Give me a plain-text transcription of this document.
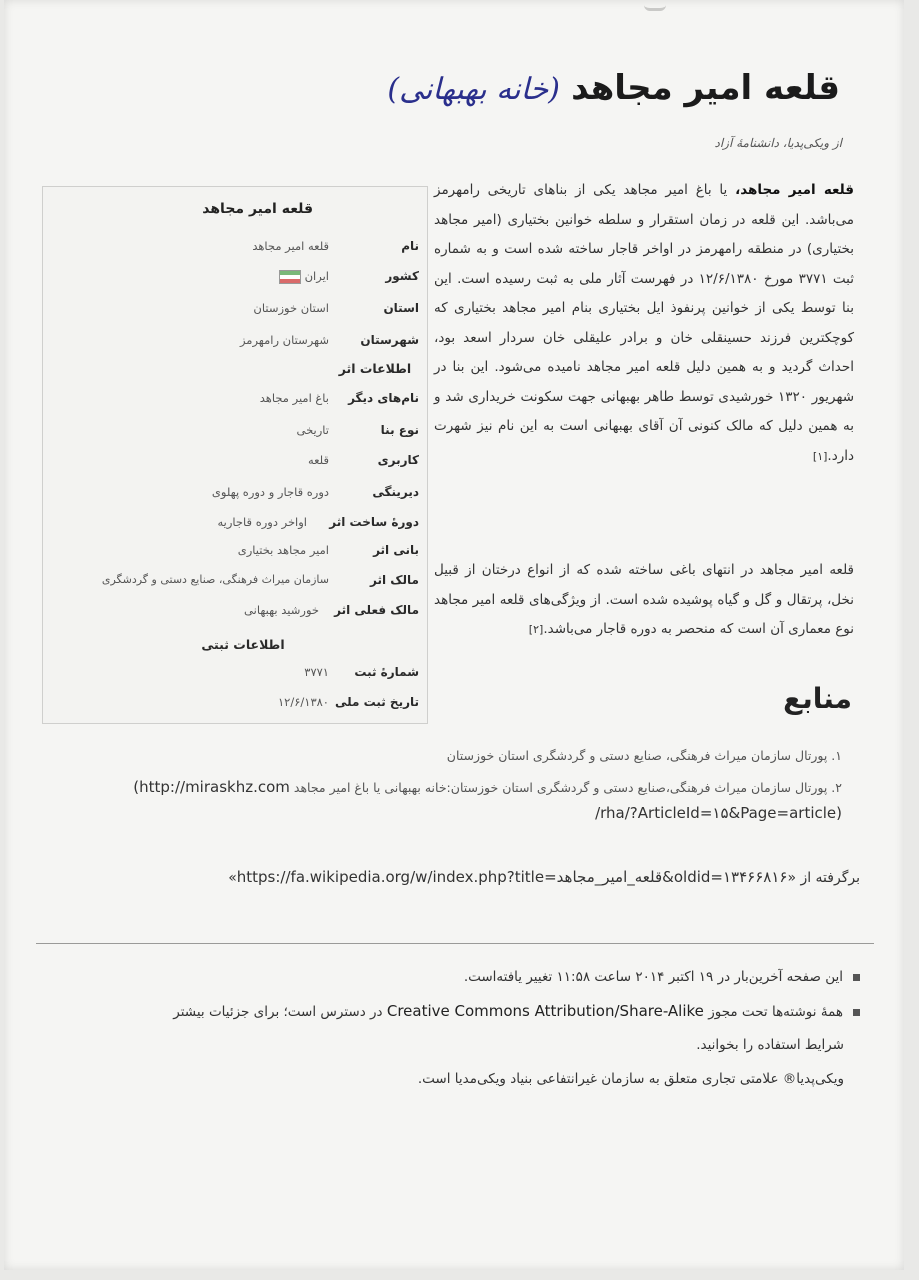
قلعه امیر مجاهد (خانه بهبهانی)
از ویکی‌پدیا، دانشنامهٔ آزاد
قلعه امیر مجاهد
نام
قلعه امیر مجاهد
کشور
ایران
استان
استان خوزستان
شهرستان
شهرستان رامهرمز
اطلاعات اثر
نام‌های دیگر
باغ امیر مجاهد
نوع بنا
تاریخی
کاربری
قلعه
دیرینگی
دوره قاجار و دوره پهلوی
دورهٔ ساخت اثر
اواخر دوره قاجاریه
بانی اثر
امیر مجاهد بختیاری
مالک اثر
سازمان میراث فرهنگی، صنایع دستی و گردشگری
مالک فعلی اثر
خورشید بهبهانی
اطلاعات ثبتی
شمارهٔ ثبت
۳۷۷۱
تاریخ ثبت ملی
۱۲/۶/۱۳۸۰
قلعه امیر مجاهد، یا باغ امیر مجاهد یکی از بناهای تاریخی رامهرمز می‌باشد. این قلعه در زمان استقرار و سلطه خوانین بختیاری (امیر مجاهد بختیاری) در منطقه رامهرمز در اواخر قاجار ساخته شده است و به شماره ثبت ۳۷۷۱ مورخ ۱۲/۶/۱۳۸۰ در فهرست آثار ملی به ثبت رسیده است. این بنا توسط یکی از خوانین پرنفوذ ایل بختیاری بنام امیر مجاهد بختیاری که کوچکترین فرزند حسینقلی خان و برادر علیقلی خان سردار اسعد بود، احداث گردید و به همین دلیل قلعه امیر مجاهد نامیده می‌شود. این بنا در شهریور ۱۳۲۰ خورشیدی توسط طاهر بهبهانی جهت سکونت خریداری شد و به همین دلیل که مالک کنونی آن آقای بهبهانی است به این نام نیز شهرت دارد.[۱]
قلعه امیر مجاهد در انتهای باغی ساخته شده که از انواع درختان از قبیل نخل، پرتقال و گل و گیاه پوشیده شده است. از ویژگی‌های قلعه امیر مجاهد نوع معماری آن است که منحصر به دوره قاجار می‌باشد.[۲]
منابع
۱. پورتال سازمان میراث فرهنگی، صنایع دستی و گردشگری استان خوزستان
۲. پورتال سازمان میراث فرهنگی،صنایع دستی و گردشگری استان خوزستان:خانه بهبهانی یا باغ امیر مجاهد (http://miraskhz.com
/rha/?ArticleId=۱۵&Page=article)
برگرفته از «https://fa.wikipedia.org/w/index.php?title=قلعه_امیر_مجاهد&oldid=۱۳۴۶۶۸۱۶»
این صفحه آخرین‌بار در ۱۹ اکتبر ۲۰۱۴ ساعت ۱۱:۵۸ تغییر یافته‌است.
همهٔ نوشته‌ها تحت مجوز Creative Commons Attribution/Share-Alike در دسترس است؛ برای جزئیات بیشتر
شرایط استفاده را بخوانید.
ویکی‌پدیا® علامتی تجاری متعلق به سازمان غیرانتفاعی بنیاد ویکی‌مدیا است.
